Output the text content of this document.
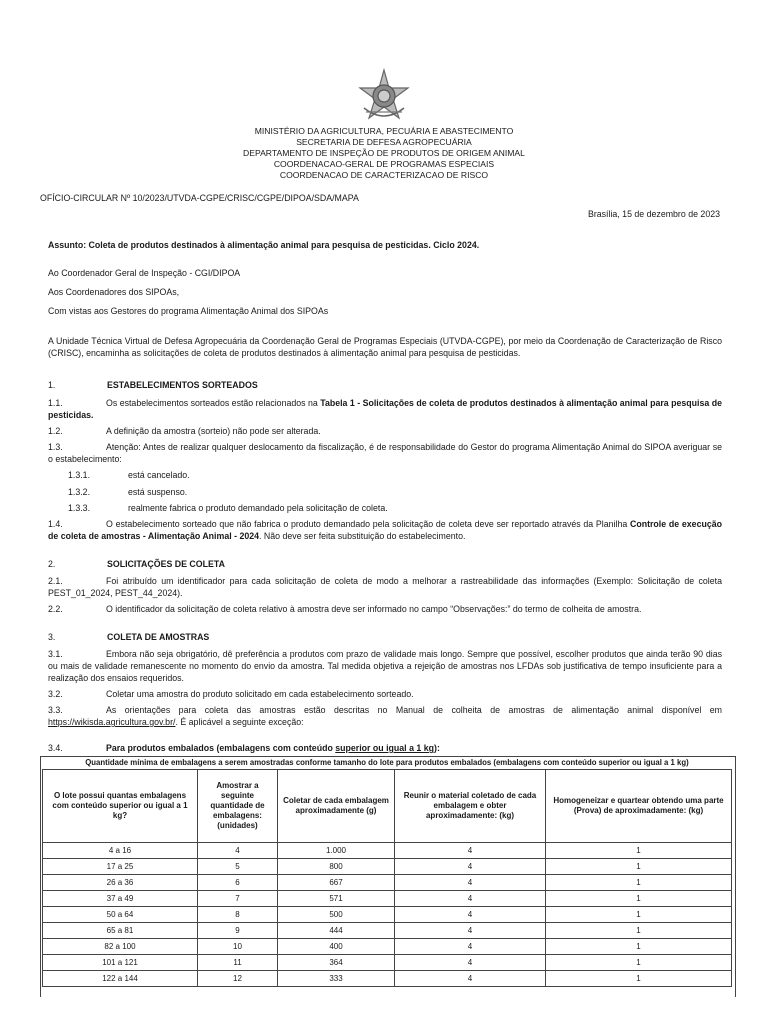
MINISTÉRIO DA AGRICULTURA, PECUÁRIA E ABASTECIMENTO
SECRETARIA DE DEFESA AGROPECUÁRIA
DEPARTAMENTO DE INSPEÇÃO DE PRODUTOS DE ORIGEM ANIMAL
COORDENACAO-GERAL DE PROGRAMAS ESPECIAIS
COORDENACAO DE CARACTERIZACAO DE RISCO
OFÍCIO-CIRCULAR Nº 10/2023/UTVDA-CGPE/CRISC/CGPE/DIPOA/SDA/MAPA
Brasília, 15 de dezembro de 2023
Assunto: Coleta de produtos destinados à alimentação animal para pesquisa de pesticidas. Ciclo 2024.
Ao Coordenador Geral de Inspeção - CGI/DIPOA
Aos Coordenadores dos SIPOAs,
Com vistas aos Gestores do programa Alimentação Animal dos SIPOAs
A Unidade Técnica Virtual de Defesa Agropecuária da Coordenação Geral de Programas Especiais (UTVDA-CGPE), por meio da Coordenação de Caracterização de Risco (CRISC), encaminha as solicitações de coleta de produtos destinados à alimentação animal para pesquisa de pesticidas.
1.	ESTABELECIMENTOS SORTEADOS
1.1.	Os estabelecimentos sorteados estão relacionados na Tabela 1 - Solicitações de coleta de produtos destinados à alimentação animal para pesquisa de pesticidas.
1.2.	A definição da amostra (sorteio) não pode ser alterada.
1.3.	Atenção: Antes de realizar qualquer deslocamento da fiscalização, é de responsabilidade do Gestor do programa Alimentação Animal do SIPOA averiguar se o estabelecimento:
1.3.1.	está cancelado.
1.3.2.	está suspenso.
1.3.3.	realmente fabrica o produto demandado pela solicitação de coleta.
1.4.	O estabelecimento sorteado que não fabrica o produto demandado pela solicitação de coleta deve ser reportado através da Planilha Controle de execução de coleta de amostras - Alimentação Animal - 2024. Não deve ser feita substituição do estabelecimento.
2.	SOLICITAÇÕES DE COLETA
2.1.	Foi atribuído um identificador para cada solicitação de coleta de modo a melhorar a rastreabilidade das informações (Exemplo: Solicitação de coleta PEST_01_2024, PEST_44_2024).
2.2.	O identificador da solicitação de coleta relativo à amostra deve ser informado no campo “Observações:” do termo de colheita de amostra.
3.	COLETA DE AMOSTRAS
3.1.	Embora não seja obrigatório, dê preferência a produtos com prazo de validade mais longo. Sempre que possível, escolher produtos que ainda terão 90 dias ou mais de validade remanescente no momento do envio da amostra. Tal medida objetiva a rejeição de amostras nos LFDAs sob justificativa de tempo insuficiente para a realização dos ensaios requeridos.
3.2.	Coletar uma amostra do produto solicitado em cada estabelecimento sorteado.
3.3.	As orientações para coleta das amostras estão descritas no Manual de colheita de amostras de alimentação animal disponível em https://wikisda.agricultura.gov.br/. É aplicável a seguinte exceção:
3.4.	Para produtos embalados (embalagens com conteúdo superior ou igual a 1 kg):
Quantidade mínima de embalagens a serem amostradas conforme tamanho do lote para produtos embalados (embalagens com conteúdo superior ou igual a 1 kg)
O lote possui quantas embalagens com conteúdo superior ou igual a 1 kg?	Amostrar a seguinte quantidade de embalagens: (unidades)	Coletar de cada embalagem aproximadamente (g)	Reunir o material coletado de cada embalagem e obter aproximadamente: (kg)	Homogeneizar e quartear obtendo uma parte (Prova) de aproximadamente: (kg)
4 a 16	4	1.000	4	1
17 a 25	5	800	4	1
26 a 36	6	667	4	1
37 a 49	7	571	4	1
50 a 64	8	500	4	1
65 a 81	9	444	4	1
82 a 100	10	400	4	1
101 a 121	11	364	4	1
122 a 144	12	333	4	1
